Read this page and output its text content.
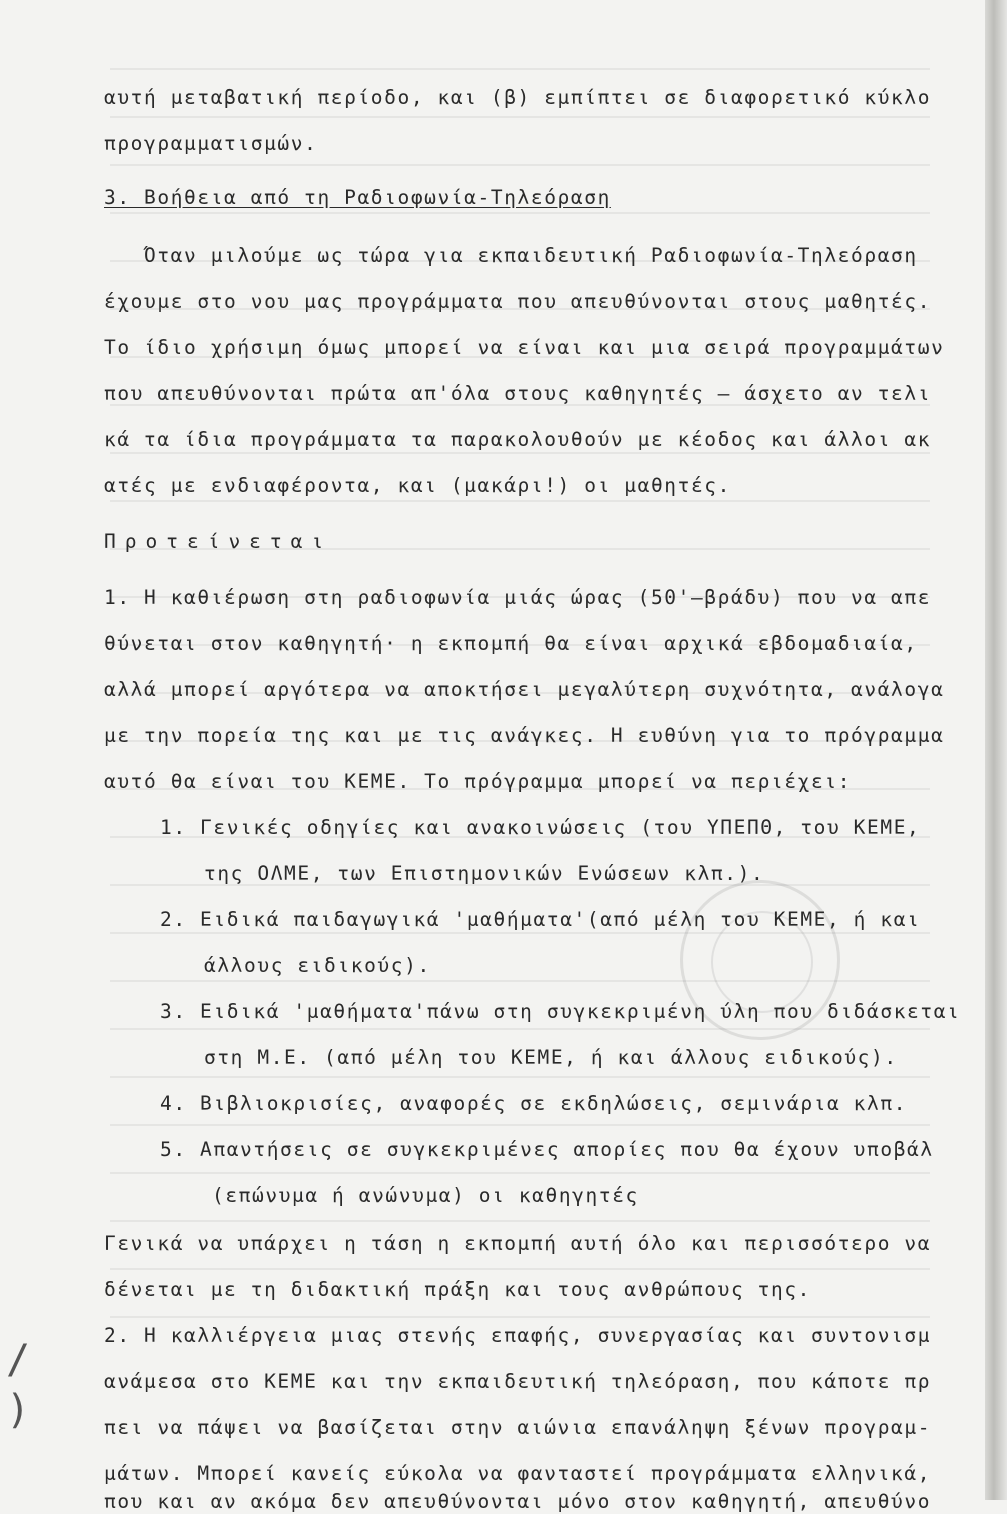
αυτή μεταβατική περίοδο, και (β) εμπίπτει σε διαφορετικό κύκλο
προγραμματισμών.
3. Βοήθεια από τη Ραδιοφωνία-Τηλεόραση
Όταν μιλούμε ως τώρα για εκπαιδευτική Ραδιοφωνία-Τηλεόραση
έχουμε στο νου μας προγράμματα που απευθύνονται στους μαθητές.
Το ίδιο χρήσιμη όμως μπορεί να είναι και μια σειρά προγραμμάτων
που απευθύνονται πρώτα απ'όλα στους καθηγητές — άσχετο αν τελι
κά τα ίδια προγράμματα τα παρακολουθούν με κέοδος και άλλοι ακ
ατές με ενδιαφέροντα, και (μακάρι!) οι μαθητές.
Προτείνεται
1. Η καθιέρωση στη ραδιοφωνία μιάς ώρας (50'—βράδυ) που να απε
θύνεται στον καθηγητή· η εκπομπή θα είναι αρχικά εβδομαδιαία,
αλλά μπορεί αργότερα να αποκτήσει μεγαλύτερη συχνότητα, ανάλογα
με την πορεία της και με τις ανάγκες. Η ευθύνη για το πρόγραμμα
αυτό θα είναι του ΚΕΜΕ. Το πρόγραμμα μπορεί να περιέχει:
1. Γενικές οδηγίες και ανακοινώσεις (του ΥΠΕΠΘ, του ΚΕΜΕ,
της ΟΛΜΕ, των Επιστημονικών Ενώσεων κλπ.).
2. Ειδικά παιδαγωγικά 'μαθήματα'(από μέλη του ΚΕΜΕ, ή και
άλλους ειδικούς).
3. Ειδικά 'μαθήματα'πάνω στη συγκεκριμένη ύλη που διδάσκεται
στη Μ.Ε. (από μέλη του ΚΕΜΕ, ή και άλλους ειδικούς).
4. Βιβλιοκρισίες, αναφορές σε εκδηλώσεις, σεμινάρια κλπ.
5. Απαντήσεις σε συγκεκριμένες απορίες που θα έχουν υποβάλ
(επώνυμα ή ανώνυμα) οι καθηγητές
Γενικά να υπάρχει η τάση η εκπομπή αυτή όλο και περισσότερο να
δένεται με τη διδακτική πράξη και τους ανθρώπους της.
2. Η καλλιέργεια μιας στενής επαφής, συνεργασίας και συντονισμ
ανάμεσα στο ΚΕΜΕ και την εκπαιδευτική τηλεόραση, που κάποτε πρ
πει να πάψει να βασίζεται στην αιώνια επανάληψη ξένων προγραμ-
μάτων. Μπορεί κανείς εύκολα να φανταστεί προγράμματα ελληνικά,
που και αν ακόμα δεν απευθύνονται μόνο στον καθηγητή, απευθύνο
/
)
